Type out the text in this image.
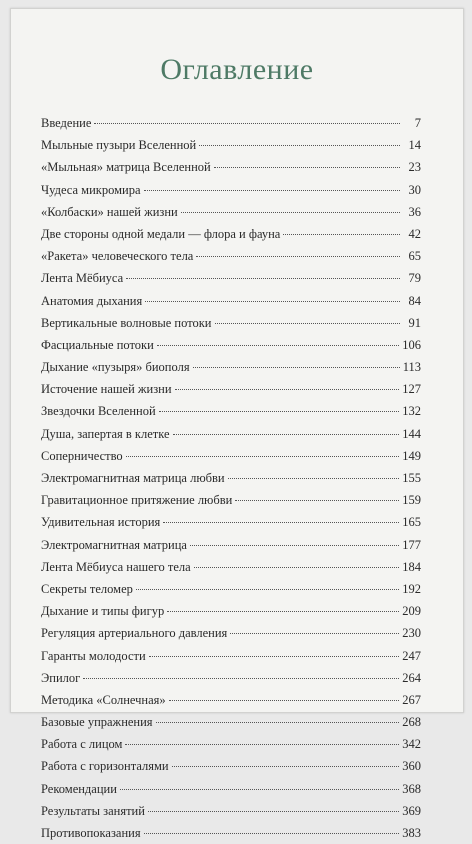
Оглавление
Введение	7
Мыльные пузыри Вселенной	14
«Мыльная» матрица Вселенной	23
Чудеса микромира	30
«Колбаски» нашей жизни	36
Две стороны одной медали — флора и фауна	42
«Ракета» человеческого тела	65
Лента Мёбиуса	79
Анатомия дыхания	84
Вертикальные волновые потоки	91
Фасциальные потоки	106
Дыхание «пузыря» биополя	113
Источение нашей жизни	127
Звездочки Вселенной	132
Душа, запертая в клетке	144
Соперничество	149
Электромагнитная матрица любви	155
Гравитационное притяжение любви	159
Удивительная история	165
Электромагнитная матрица	177
Лента Мёбиуса нашего тела	184
Секреты теломер	192
Дыхание и типы фигур	209
Регуляция артериального давления	230
Гаранты молодости	247
Эпилог	264
Методика «Солнечная»	267
Базовые упражнения	268
Работа с лицом	342
Работа с горизонталями	360
Рекомендации	368
Результаты занятий	369
Противопоказания	383
